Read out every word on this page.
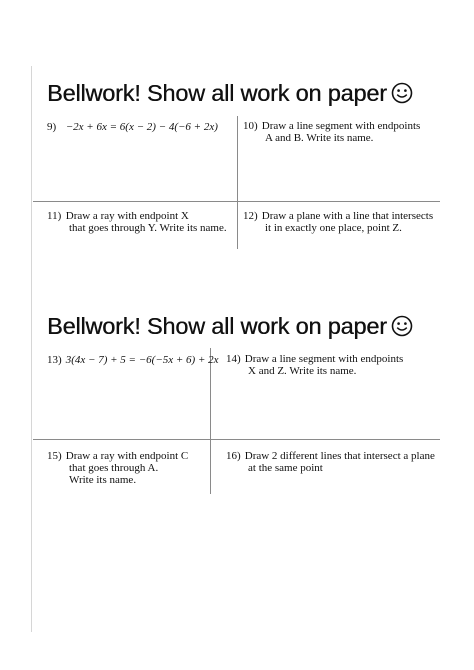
Bellwork! Show all work on paper
9) −2x + 6x = 6(x − 2) − 4(−6 + 2x) 10) Draw a line segment with endpoints
A and B. Write its name.
11) Draw a ray with endpoint X
that goes through Y. Write its name.
12) Draw a plane with a line that intersects
it in exactly one place, point Z.
Bellwork! Show all work on paper
13) 3(4x − 7) + 5 = −6(−5x + 6) + 2x 14) Draw a line segment with endpoints
X and Z. Write its name.
15) Draw a ray with endpoint C
that goes through A.
Write its name.
16) Draw 2 different lines that intersect a plane
at the same point
